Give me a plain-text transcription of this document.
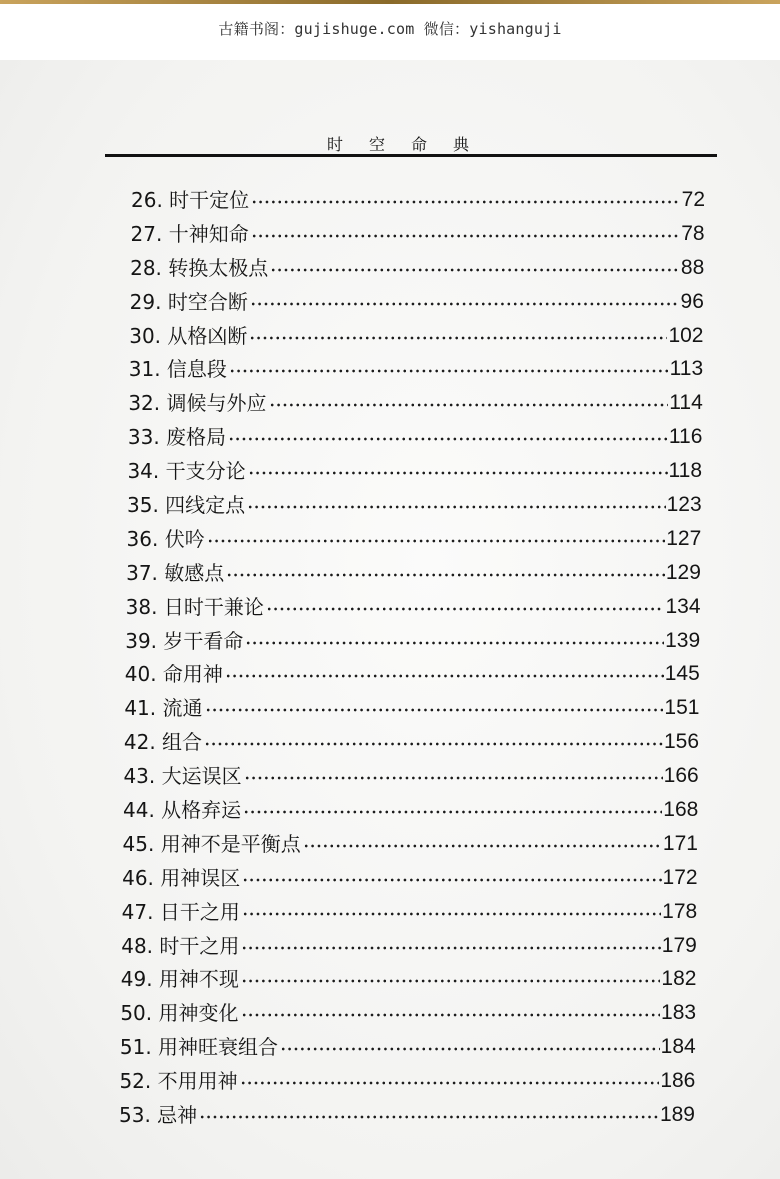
古籍书阁：gujishuge.com 微信：yishanguji
时空命典
26. 时干定位	72
27. 十神知命	78
28. 转换太极点	88
29. 时空合断	96
30. 从格凶断	102
31. 信息段	113
32. 调候与外应	114
33. 废格局	116
34. 干支分论	118
35. 四线定点	123
36. 伏吟	127
37. 敏感点	129
38. 日时干兼论	134
39. 岁干看命	139
40. 命用神	145
41. 流通	151
42. 组合	156
43. 大运误区	166
44. 从格弃运	168
45. 用神不是平衡点	171
46. 用神误区	172
47. 日干之用	178
48. 时干之用	179
49. 用神不现	182
50. 用神变化	183
51. 用神旺衰组合	184
52. 不用用神	186
53. 忌神	189
